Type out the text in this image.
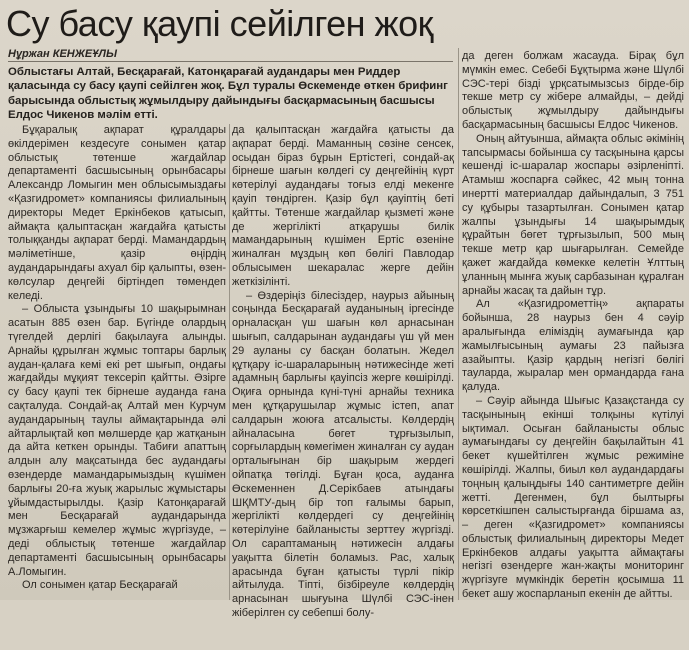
Су басу қаупі сейілген жоқ
Нұржан КЕНЖЕҰЛЫ

Облыстағы Алтай, Бесқарағай, Катонқарағай аудандары мен Риддер қаласында су басу қаупі сейілген жоқ. Бұл туралы Өскеменде өткен брифинг барысында облыстық жұмылдыру дайындығы басқармасының басшысы Елдос Чикенов мәлім етті.

Бұқаралық ақпарат құралдары өкілдерімен кездесуге сонымен қатар облыстық төтенше жағдайлар департаменті басшысының орынбасары Александр Ломыгин мен облысымыздағы «Қазгидромет» компаниясы филиалының директоры Медет Еркінбеков қатысып, аймақта қалыптасқан жағдайға қатысты толыққанды ақпарат берді. Мамандардың мәліметінше, қазір өңірдің аудандарындағы ахуал бір қалыпты, өзен-көлсулар деңгейі біртіндеп төмендеп келеді.

– Облыста ұзындығы 10 шақырымнан асатын 885 өзен бар. Бүгінде олардың түгелдей дерлігі бақылауға алынды. Арнайы құрылған жұмыс топтары барлық аудан-қалаға кемі екі рет шығып, ондағы жағдайды мұқият тексеріп қайтты. Әзірге су басу қаупі тек бірнеше ауданда ғана сақталуда. Сондай-ақ Алтай мен Курчум аудандарының таулы аймақтарында әлі айтарлықтай көп мөлшерде қар жатқанын да айта кеткен орынды. Табиғи апаттың алдын алу мақсатында бес аудандағы өзендерде мамандарымыздың күшімен барлығы 20-ға жуық жарылыс жұмыстары ұйымдастырылды. Қазір Катонқарағай мен Бесқарағай аудандарында мұзжарғыш кемелер жұмыс жүргізуде, – деді облыстық төтенше жағдайлар департаменті басшысының орынбасары А.Ломыгин.

Ол сонымен қатар Бесқарағай

да қалыптасқан жағдайға қатысты да ақпарат берді. Маманның сөзіне сенсек, осыдан біраз бұрын Ертістегі, сондай-ақ бірнеше шағын көлдегі су деңгейінің күрт көтерілуі аудандағы тоғыз елді мекенге қауіп төндірген. Қазір бұл қауіптің беті қайтты. Төтенше жағдайлар қызметі және де жергілікті атқарушы билік мамандарының күшімен Ертіс өзеніне жиналған мұздың көп бөлігі Павлодар облысымен шекаралас жерге дейін жеткізілінті.

– Өздеріңіз білесіздер, наурыз айының соңында Бесқарағай ауданының іргесінде орналасқан үш шағын көл арнасынан шығып, салдарынан аудандағы үш үй мен 29 ауланы су басқан болатын. Жедел құтқару іс-шараларының нәтижесінде жеті адамның барлығы қауіпсіз жерге көшірілді. Оқиға орнында күні-түні арнайы техника мен құтқарушылар жұмыс істеп, апат салдарын жоюға атсалысты. Көлдердің айналасына бөгет тұрғызылып, сорғылардың көмегімен жиналған су аудан орталығынан бір шақырым жердегі ойпатқа төгілді. Бұған қоса, ауданға Өскеменнен Д.Серікбаев атындағы ШҚМТУ-дың бір топ ғалымы барып, жергілікті көлдердегі су деңгейінің көтерілуіне байланысты зерттеу жүргізді. Ол сараптаманың нәтижесін алдағы уақытта білетін боламыз. Рас, халық арасында бұған қатысты түрлі пікір айтылуда. Тіпті, бізбіреуле көлдердің арнасынан шығуына Шүлбі СЭС-інен жіберілген су себепші болу-

да деген болжам жасауда. Бірақ бұл мүмкін емес. Себебі Бұқтырма және Шүлбі СЭС-тері бізді ұрқсатымызсыз бірде-бір текше метр су жібере алмайды, – дейді облыстық жұмылдыру дайындығы басқармасының басшысы Елдос Чикенов.

Оның айтуынша, аймақта облыс әкімінің тапсырмасы бойынша су тасқынына қарсы кешенді іс-шаралар жоспары әзірленіпті. Атамыш жоспарға сәйкес, 42 мың тонна инертті материалдар дайындалып, 3 751 су құбыры тазартылған. Сонымен қатар жалпы ұзындығы 14 шақырымдық құрайтын бөгет тұрғызылып, 500 мың текше метр қар шығарылған. Семейде қажет жағдайда көмекке келетін Ұлттың ұланның мынға жуық сарбазынан құралған арнайы жасақ та дайын тұр.

Ал «Қазгидрометтің» ақпараты бойынша, 28 наурыз бен 4 сәуір аралығында еліміздің аумағында қар жамылғысының аумағы 23 пайызға азайыпты. Қазір қардың негізгі бөлігі тауларда, жыралар мен ормандарда ғана қалуда.

– Сәуір айында Шығыс Қазақстанда су тасқынының екінші толқыны күтілуі ықтимал. Осыған байланысты облыс аумағындағы су деңгейін бақылайтын 41 бекет күшейтілген жұмыс режиміне көшірілді. Жалпы, биыл көл аудандардағы тоңның қалыңдығы 140 сантиметрге дейін жетті. Дегенмен, бұл былтырғы көрсеткішпен салыстырғанда біршама аз, – деген «Қазгидромет» компаниясы облыстық филиалының директоры Медет Еркінбеков алдағы уақытта аймақтағы негізгі өзендерге жан-жақты мониторинг жүргізуге мүмкіндік беретін қосымша 11 бекет ашу жоспарланып екенін де айтты.
